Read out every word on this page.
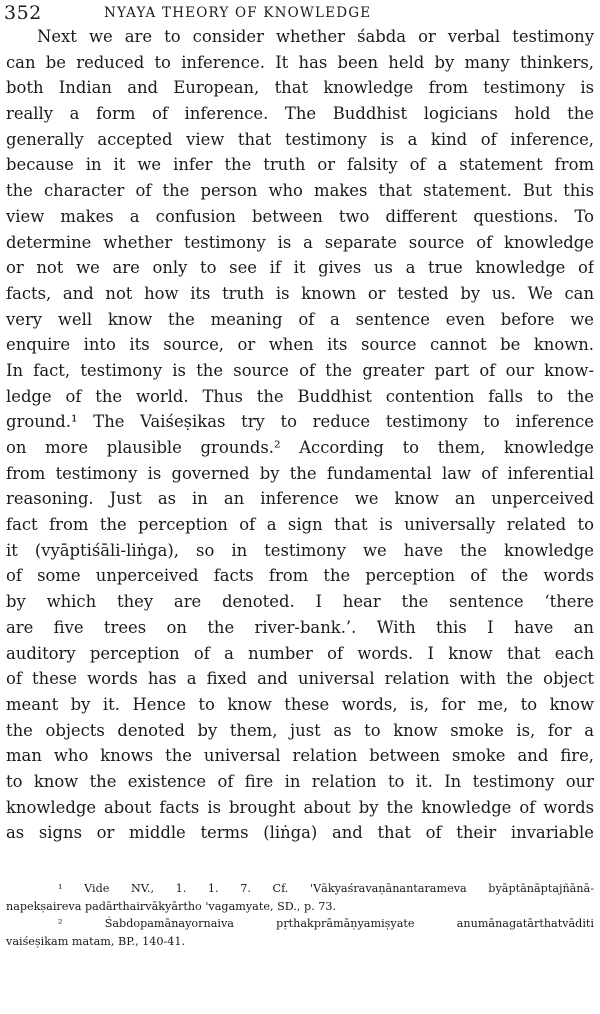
352	NYAYA THEORY OF KNOWLEDGE
Next we are to consider whether śabda or verbal testimony
can be reduced to inference. It has been held by many thinkers,
both Indian and European, that knowledge from testimony is
really a form of inference. The Buddhist logicians hold the
generally accepted view that testimony is a kind of inference,
because in it we infer the truth or falsity of a statement from
the character of the person who makes that statement. But this
view makes a confusion between two different questions. To
determine whether testimony is a separate source of knowledge
or not we are only to see if it gives us a true knowledge of
facts, and not how its truth is known or tested by us. We can
very well know the meaning of a sentence even before we
enquire into its source, or when its source cannot be known.
In fact, testimony is the source of the greater part of our know-
ledge of the world. Thus the Buddhist contention falls to the
ground.¹ The Vaiśeṣikas try to reduce testimony to inference
on more plausible grounds.² According to them, knowledge
from testimony is governed by the fundamental law of inferential
reasoning. Just as in an inference we know an unperceived
fact from the perception of a sign that is universally related to
it (vyāptiśāli-liṅga), so in testimony we have the knowledge
of some unperceived facts from the perception of the words
by which they are denoted. I hear the sentence ‘there
are five trees on the river-bank.’. With this I have an
auditory perception of a number of words. I know that each
of these words has a fixed and universal relation with the object
meant by it. Hence to know these words, is, for me, to know
the objects denoted by them, just as to know smoke is, for a
man who knows the universal relation between smoke and fire,
to know the existence of fire in relation to it. In testimony our
knowledge about facts is brought about by the knowledge of words
as signs or middle terms (liṅga) and that of their invariable
¹ Vide NV., 1. 1. 7. Cf. 'Vākyaśravaṇānantarameva byāptānāptajñānā-
napekṣaireva padārthairvākyārtho 'vagamyate, SD., p. 73.
² Śabdopamānayornaiva pṛthakprāmāṇyamiṣyate anumānagatārthatvāditi
vaiśeṣikam matam, BP., 140-41.
